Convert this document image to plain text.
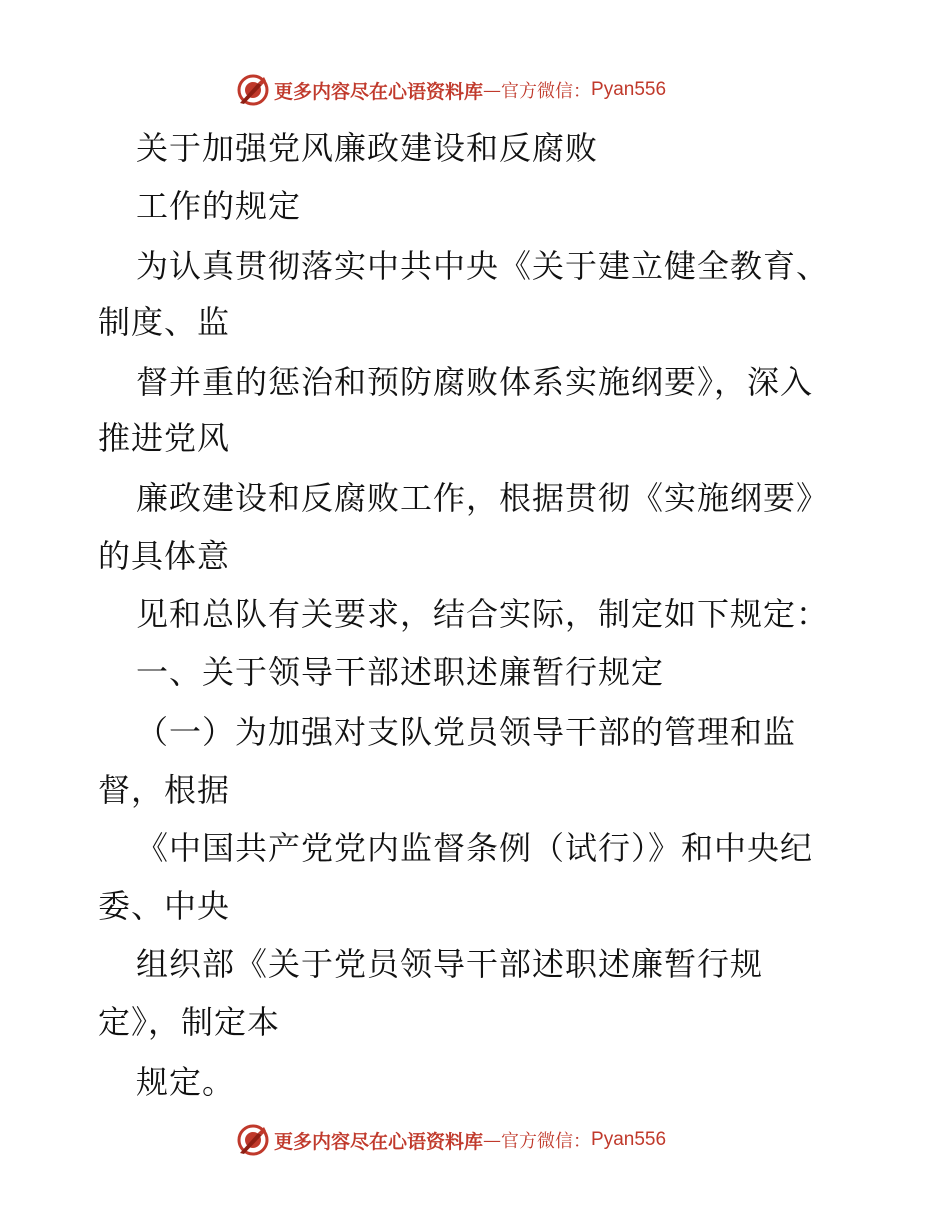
更多内容尽在心语资料库 — 官方微信： Pyan556
关于加强党风廉政建设和反腐败
工作的规定
为认真贯彻落实中共中央《关于建立健全教育、
制度、监
督并重的惩治和预防腐败体系实施纲要》，深入
推进党风
廉政建设和反腐败工作，根据贯彻《实施纲要》
的具体意
见和总队有关要求，结合实际，制定如下规定：
一、关于领导干部述职述廉暂行规定
（一）为加强对支队党员领导干部的管理和监
督，根据
《中国共产党党内监督条例（试行）》和中央纪
委、中央
组织部《关于党员领导干部述职述廉暂行规
定》，制定本
规定。
更多内容尽在心语资料库 — 官方微信： Pyan556
